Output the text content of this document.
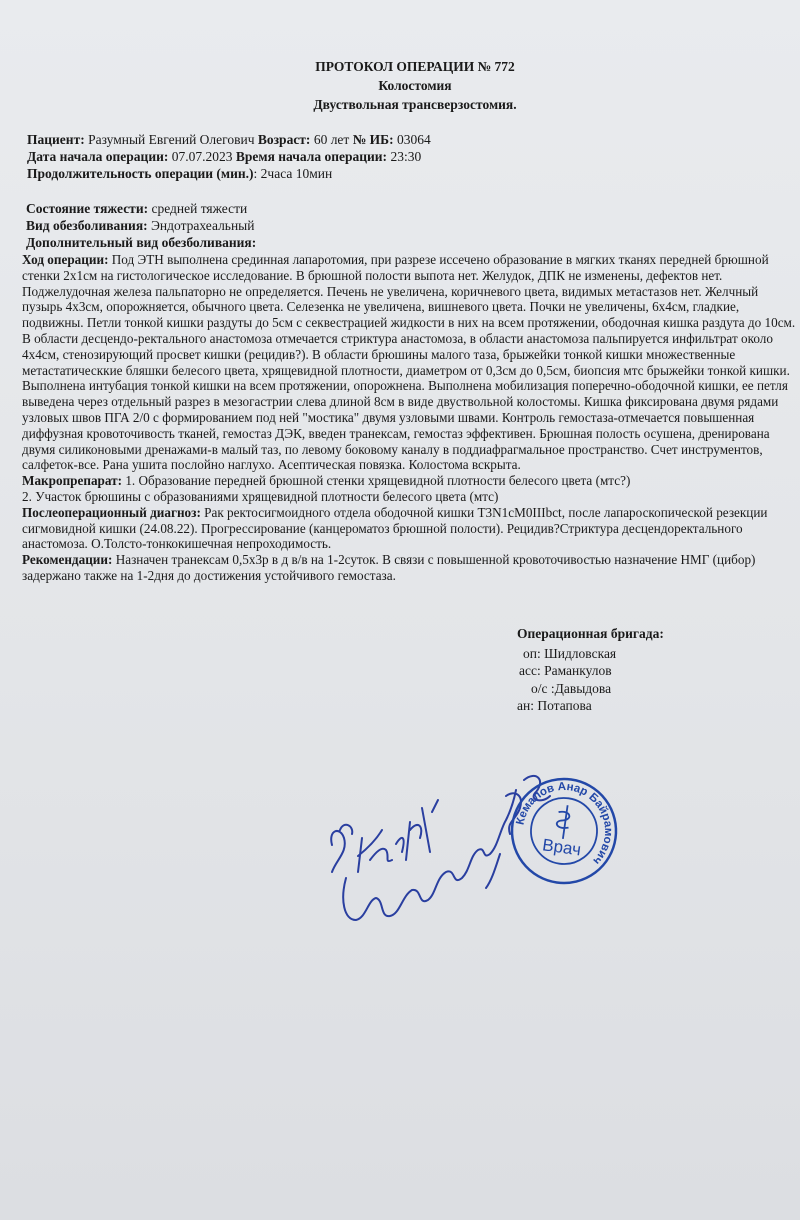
ПРОТОКОЛ ОПЕРАЦИИ № 772
Колостомия
Двуствольная трансверзостомия.
Пациент: Разумный Евгений Олегович Возраст: 60 лет № ИБ: 03064
Дата начала операции: 07.07.2023 Время начала операции: 23:30
Продолжительность операции (мин.): 2часа 10мин
Состояние тяжести: средней тяжести
Вид обезболивания: Эндотрахеальный
Дополнительный вид обезболивания:

Ход операции: Под ЭТН выполнена срединная лапаротомия, при разрезе иссечено образование в мягких тканях передней брюшной стенки 2х1см на гистологическое исследование. В брюшной полости выпота нет. Желудок, ДПК не изменены, дефектов нет. Поджелудочная железа пальпаторно не определяется. Печень не увеличена, коричневого цвета, видимых метастазов нет. Желчный пузырь 4х3см, опорожняется, обычного цвета. Селезенка не увеличена, вишневого цвета. Почки не увеличены, 6х4см, гладкие, подвижны. Петли тонкой кишки раздуты до 5см с секвестрацией жидкости в них на всем протяжении, ободочная кишка раздута до 10см. В области десцендо-ректального анастомоза отмечается стриктура анастомоза, в области анастомоза пальпируется инфильтрат около 4х4см, стенозирующий просвет кишки (рецидив?). В области брюшины малого таза, брыжейки тонкой кишки множественные метастатическкие бляшки белесого цвета, хрящевидной плотности, диаметром от 0,3см до 0,5см, биопсия мтс брыжейки тонкой кишки. Выполнена интубация тонкой кишки на всем протяжении, опорожнена. Выполнена мобилизация поперечно-ободочной кишки, ее петля выведена через отдельный разрез в мезогастрии слева длиной 8см в виде двуствольной колостомы. Кишка фиксирована двумя рядами узловых швов ПГА 2/0 с формированием под ней "мостика" двумя узловыми швами. Контроль гемостаза-отмечается повышенная диффузная кровоточивость тканей, гемостаз ДЭК, введен транексам, гемостаз эффективен. Брюшная полость осушена, дренирована двумя силиконовыми дренажами-в малый таз, по левому боковому каналу в поддиафрагмальное пространство. Счет инструментов, салфеток-все. Рана ушита послойно наглухо. Асептическая повязка. Колостома вскрыта.

Макропрепарат: 1. Образование передней брюшной стенки хрящевидной плотности белесого цвета (мтс?)

2. Участок брюшины с образованиями хрящевидной плотности белесого цвета (мтс)

Послеоперационный диагноз: Рак ректосигмоидного отдела ободочной кишки T3N1cM0IIIbct, после лапароскопической резекции сигмовидной кишки (24.08.22). Прогрессирование (канцероматоз брюшной полости). Рецидив?Стриктура десцендоректального анастомоза. О.Толсто-тонкокишечная непроходимость.

Рекомендации: Назначен транексам 0,5х3р в д в/в на 1-2суток. В связи с повышенной кровоточивостью назначение НМГ (цибор) задержано также на 1-2дня до достижения устойчивого гемостаза.

Операционная бригада:
оп: Шидловская
асс: Раманкулов
о/с :Давыдова
ан: Потапова
Кемалов Анар Байрамович
Врач
